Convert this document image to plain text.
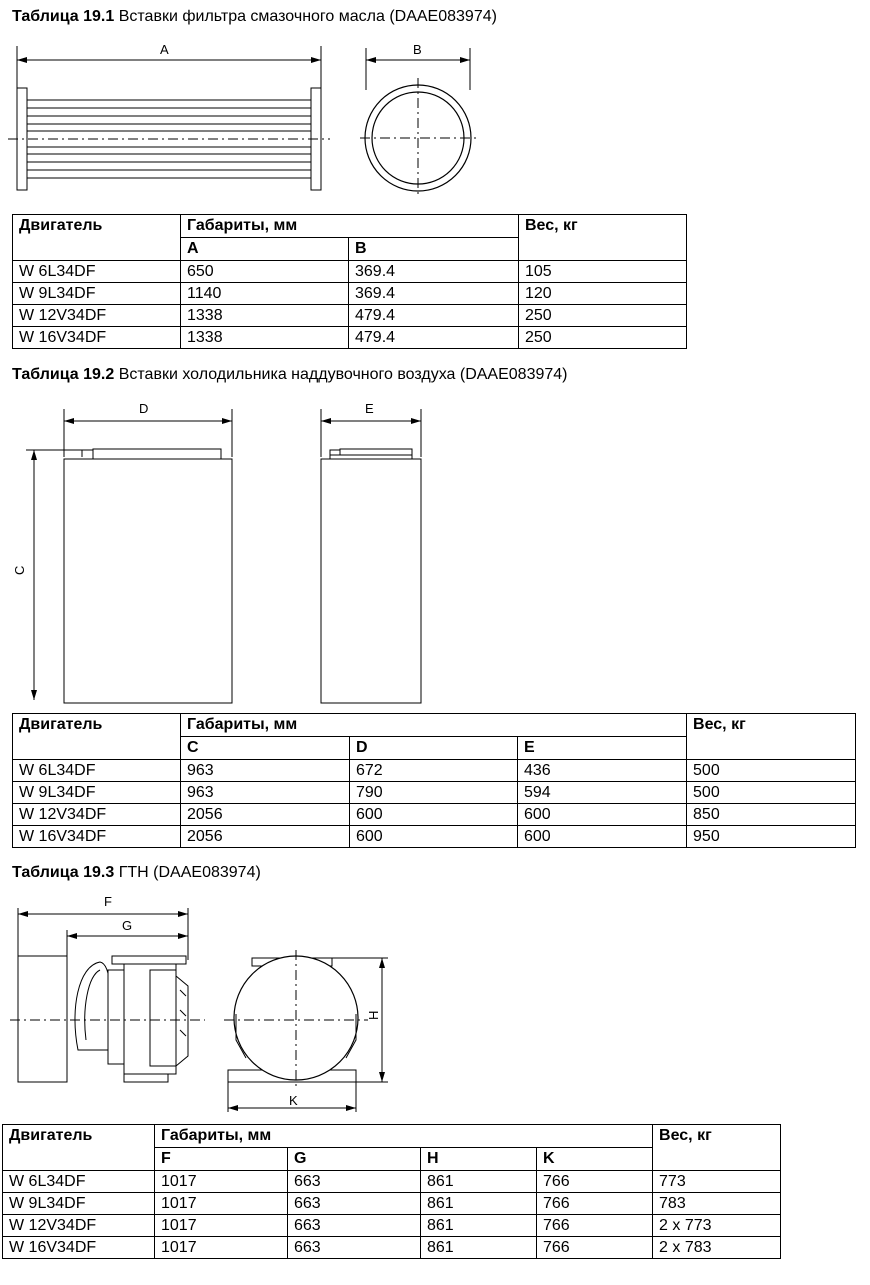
Таблица 19.1 Вставки фильтра смазочного масла (DAAE083974)
A	B
Двигатель	Габариты, мм		Вес, кг
	A	B	
W 6L34DF	650	369.4	105
W 9L34DF	1140	369.4	120
W 12V34DF	1338	479.4	250
W 16V34DF	1338	479.4	250
Таблица 19.2 Вставки холодильника наддувочного воздуха (DAAE083974)
D	E
C
Двигатель	Габариты, мм			Вес, кг
	C	D	E	
W 6L34DF	963	672	436	500
W 9L34DF	963	790	594	500
W 12V34DF	2056	600	600	850
W 16V34DF	2056	600	600	950
Таблица 19.3 ГТН (DAAE083974)
F
G
H
K
Двигатель	Габариты, мм				Вес, кг
	F	G	H	K	
W 6L34DF	1017	663	861	766	773
W 9L34DF	1017	663	861	766	783
W 12V34DF	1017	663	861	766	2 x 773
W 16V34DF	1017	663	861	766	2 x 783
